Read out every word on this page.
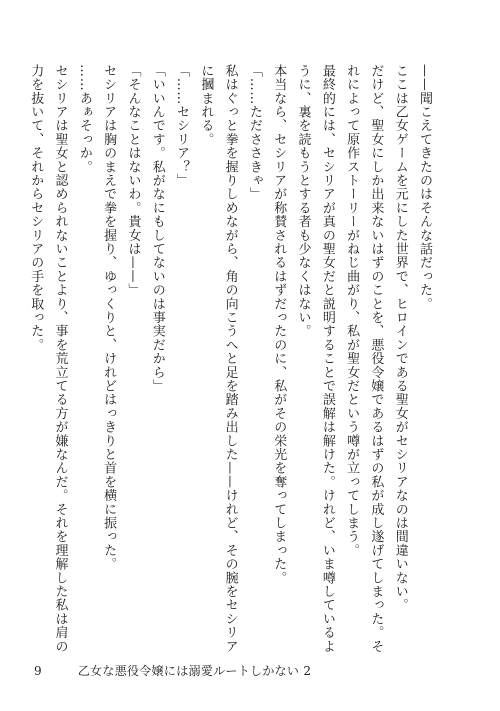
——聞こえてきたのはそんな話だった。
ここは乙女ゲームを元にした世界で、ヒロインである聖女がセシリアなのは間違いない。
だけど、聖女にしか出来ないはずのことを、悪役令嬢であるはずの私が成し遂げてしまった。そ
れによって原作ストーリーがねじ曲がり、私が聖女だという噂が立ってしまう。
最終的には、セシリアが真の聖女だと説明することで誤解は解けた。けれど、いま噂しているよ
うに、裏を読もうとする者も少なくはない。
本当なら、セシリアが称賛されるはずだったのに、私がその栄光を奪ってしまった。
「……ただささきゃ」
私はぐっと拳を握りしめながら、角の向こうへと足を踏み出した——けれど、その腕をセシリア
に摑まれる。
「……セシリア？」
「いいんです。私がなにもしてないのは事実だから」
「そんなことはないわ。貴女は——」
セシリアは胸のまえで拳を握り、ゆっくりと、けれどはっきりと首を横に振った。
……あぁそっか。
セシリアは聖女と認められないことより、事を荒立てる方が嫌なんだ。それを理解した私は肩の
力を抜いて、それからセシリアの手を取った。
9	乙女な悪役令嬢には溺愛ルートしかない 2
